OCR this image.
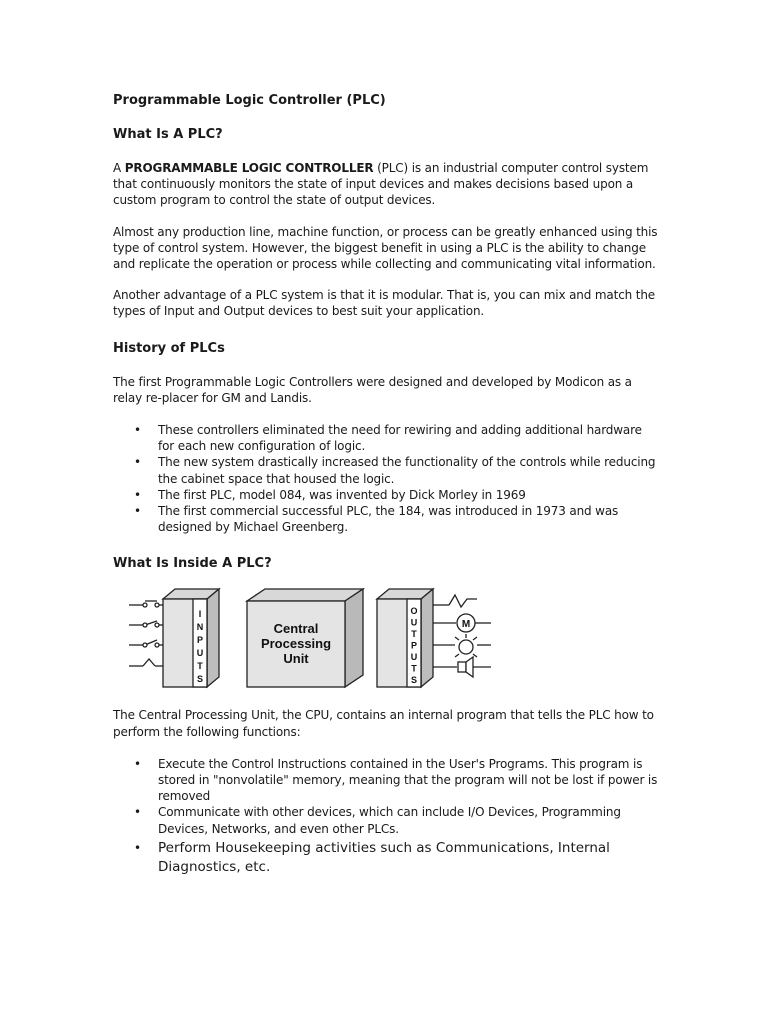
Programmable Logic Controller (PLC)
What Is A PLC?

A PROGRAMMABLE LOGIC CONTROLLER (PLC) is an industrial computer control system that continuously monitors the state of input devices and makes decisions based upon a custom program to control the state of output devices.

Almost any production line, machine function, or process can be greatly enhanced using this type of control system. However, the biggest benefit in using a PLC is the ability to change and replicate the operation or process while collecting and communicating vital information.

Another advantage of a PLC system is that it is modular. That is, you can mix and match the types of Input and Output devices to best suit your application.

History of PLCs

The first Programmable Logic Controllers were designed and developed by Modicon as a relay re-placer for GM and Landis.

• These controllers eliminated the need for rewiring and adding additional hardware for each new configuration of logic.
• The new system drastically increased the functionality of the controls while reducing the cabinet space that housed the logic.
• The first PLC, model 084, was invented by Dick Morley in 1969
• The first commercial successful PLC, the 184, was introduced in 1973 and was designed by Michael Greenberg.
What Is Inside A PLC?
I
N
P
U
T
S
Central
Processing
Unit
O
U
T
P
U
T
S
M

The Central Processing Unit, the CPU, contains an internal program that tells the PLC how to perform the following functions:

• Execute the Control Instructions contained in the User's Programs. This program is stored in "nonvolatile" memory, meaning that the program will not be lost if power is removed
• Communicate with other devices, which can include I/O Devices, Programming Devices, Networks, and even other PLCs.
• Perform Housekeeping activities such as Communications, Internal Diagnostics, etc.
